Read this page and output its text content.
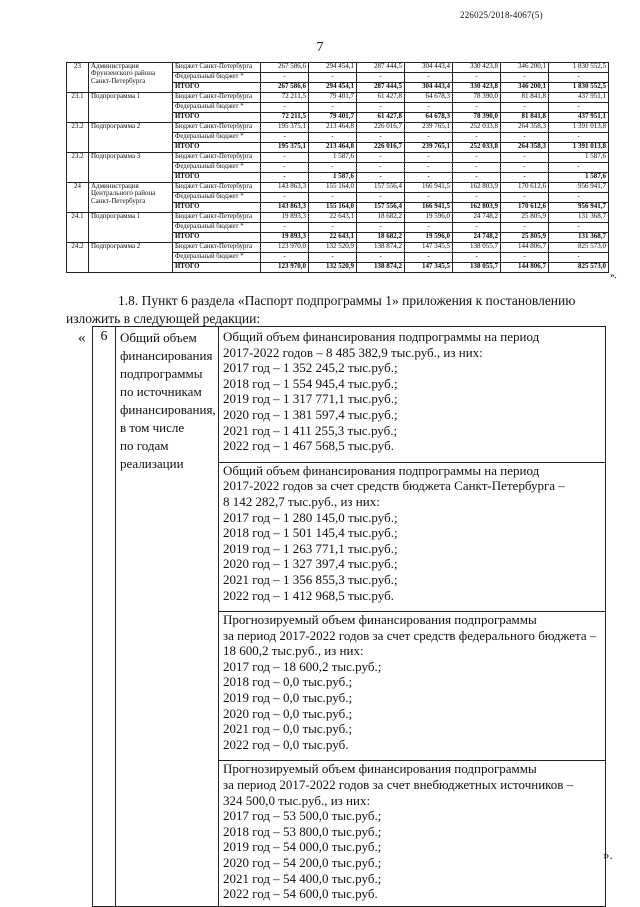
226025/2018-4067(5)
7
23	Администрация Фрунзенского района Санкт-Петербурга	Бюджет Санкт-Петербурга	267 586,6	294 454,1	287 444,5	304 443,4	330 423,8	346 200,1	1 830 552,5
		Федеральный бюджет *	-	-	-	-	-	-	-
		ИТОГО	267 586,6	294 454,1	287 444,5	304 443,4	330 423,8	346 200,1	1 830 552,5
23.1	Подпрограмма 1	Бюджет Санкт-Петербурга	72 211,5	79 401,7	61 427,8	64 678,3	78 390,0	81 841,8	437 951,1
		Федеральный бюджет *	-	-	-	-	-	-	-
		ИТОГО	72 211,5	79 401,7	61 427,8	64 678,3	78 390,0	81 841,8	437 951,1
23.2	Подпрограмма 2	Бюджет Санкт-Петербурга	195 375,1	213 464,8	226 016,7	239 765,1	252 033,8	264 358,3	1 391 013,8
		Федеральный бюджет *	-	-	-	-	-	-	-
		ИТОГО	195 375,1	213 464,8	226 016,7	239 765,1	252 033,8	264 358,3	1 391 013,8
23.2	Подпрограмма 3	Бюджет Санкт-Петербурга	-	1 587,6	-	-	-	-	1 587,6
		Федеральный бюджет *	-	-	-	-	-	-	-
		ИТОГО	-	1 587,6	-	-	-	-	1 587,6
24	Администрация Центрального района Санкт-Петербурга	Бюджет Санкт-Петербурга	143 863,3	155 164,0	157 556,4	166 941,5	162 803,9	170 612,6	956 941,7
		Федеральный бюджет *	-	-	-	-	-	-	-
		ИТОГО	143 863,3	155 164,0	157 556,4	166 941,5	162 803,9	170 612,6	956 941,7
24.1	Подпрограмма 1	Бюджет Санкт-Петербурга	19 893,3	22 643,1	18 682,2	19 596,0	24 748,2	25 805,9	131 368,7
		Федеральный бюджет *	-	-	-	-	-	-	-
		ИТОГО	19 893,3	22 643,1	18 682,2	19 596,0	24 748,2	25 805,9	131 368,7
24.2	Подпрограмма 2	Бюджет Санкт-Петербурга	123 970,0	132 520,9	138 874,2	147 345,5	138 055,7	144 806,7	825 573,0
		Федеральный бюджет *	-	-	-	-	-	-	-
		ИТОГО	123 970,0	132 520,9	138 874,2	147 345,5	138 055,7	144 806,7	825 573,0
».
1.8. Пункт 6 раздела «Паспорт подпрограммы 1» приложения к постановлению
изложить в следующей редакции:
« 6	Общий объем
финансирования
подпрограммы
по источникам
финансирования,
в том числе
по годам
реализации

Общий объем финансирования подпрограммы на период
2017-2022 годов – 8 485 382,9 тыс.руб., из них:
2017 год – 1 352 245,2 тыс.руб.;
2018 год – 1 554 945,4 тыс.руб.;
2019 год – 1 317 771,1 тыс.руб.;
2020 год – 1 381 597,4 тыс.руб.;
2021 год – 1 411 255,3 тыс.руб.;
2022 год – 1 467 568,5 тыс.руб.
Общий объем финансирования подпрограммы на период
2017-2022 годов за счет средств бюджета Санкт-Петербурга –
8 142 282,7 тыс.руб., из них:
2017 год – 1 280 145,0 тыс.руб.;
2018 год – 1 501 145,4 тыс.руб.;
2019 год – 1 263 771,1 тыс.руб.;
2020 год – 1 327 397,4 тыс.руб.;
2021 год – 1 356 855,3 тыс.руб.;
2022 год – 1 412 968,5 тыс.руб.
Прогнозируемый объем финансирования подпрограммы
за период 2017-2022 годов за счет средств федерального бюджета –
18 600,2 тыс.руб., из них:
2017 год – 18 600,2 тыс.руб.;
2018 год – 0,0 тыс.руб.;
2019 год – 0,0 тыс.руб.;
2020 год – 0,0 тыс.руб.;
2021 год – 0,0 тыс.руб.;
2022 год – 0,0 тыс.руб.
Прогнозируемый объем финансирования подпрограммы
за период 2017-2022 годов за счет внебюджетных источников –
324 500,0 тыс.руб., из них:
2017 год – 53 500,0 тыс.руб.;
2018 год – 53 800,0 тыс.руб.;
2019 год – 54 000,0 тыс.руб.;
2020 год – 54 200,0 тыс.руб.;
2021 год – 54 400,0 тыс.руб.;
2022 год – 54 600,0 тыс.руб.
».
